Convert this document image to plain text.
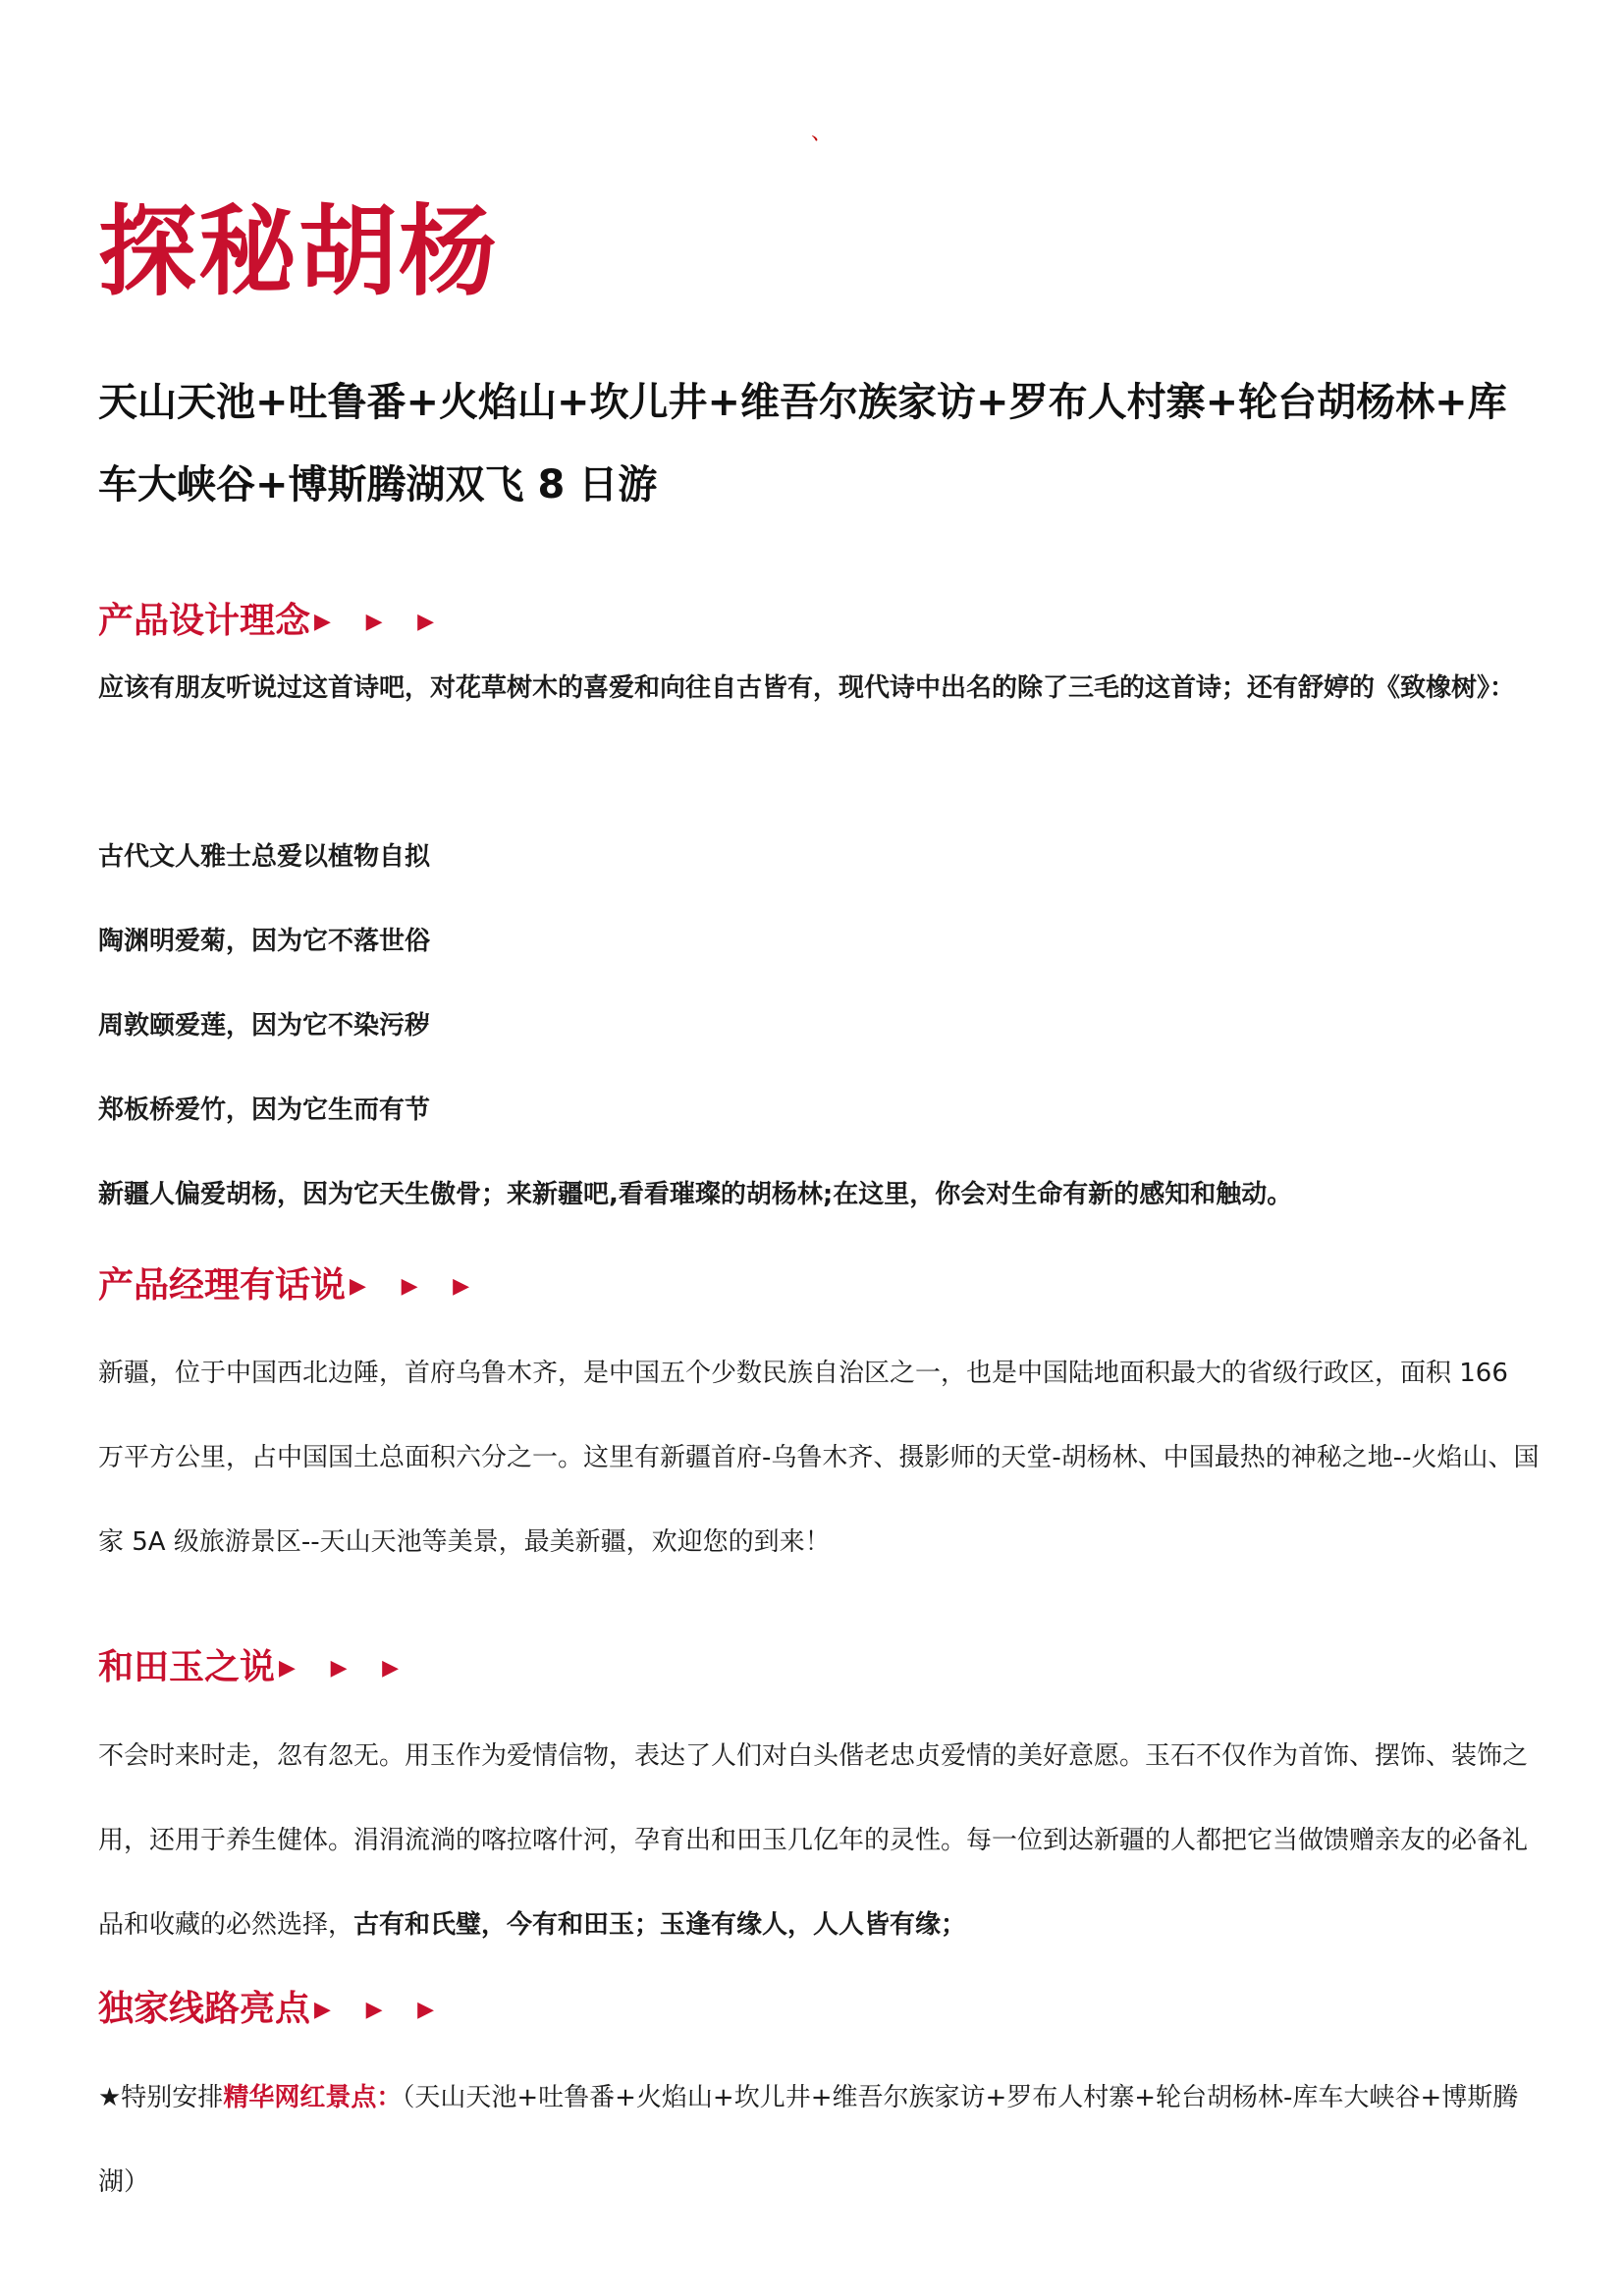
、
探秘胡杨

天山天池+吐鲁番+火焰山+坎儿井+维吾尔族家访+罗布人村寨+轮台胡杨林+库车大峡谷+博斯腾湖双飞 8 日游

产品设计理念 ▶ ▶ ▶

应该有朋友听说过这首诗吧，对花草树木的喜爱和向往自古皆有，现代诗中出名的除了三毛的这首诗；还有舒婷的《致橡树》：

古代文人雅士总爱以植物自拟
陶渊明爱菊，因为它不落世俗
周敦颐爱莲，因为它不染污秽
郑板桥爱竹，因为它生而有节
新疆人偏爱胡杨，因为它天生傲骨；来新疆吧,看看璀璨的胡杨林;在这里，你会对生命有新的感知和触动。
产品经理有话说 ▶ ▶ ▶

新疆，位于中国西北边陲，首府乌鲁木齐，是中国五个少数民族自治区之一，也是中国陆地面积最大的省级行政区，面积 166 万平方公里，占中国国土总面积六分之一。这里有新疆首府-乌鲁木齐、摄影师的天堂-胡杨林、中国最热的神秘之地--火焰山、国家 5A 级旅游景区--天山天池等美景，最美新疆，欢迎您的到来！

和田玉之说 ▶ ▶ ▶

不会时来时走，忽有忽无。用玉作为爱情信物，表达了人们对白头偕老忠贞爱情的美好意愿。玉石不仅作为首饰、摆饰、装饰之用，还用于养生健体。涓涓流淌的喀拉喀什河，孕育出和田玉几亿年的灵性。每一位到达新疆的人都把它当做馈赠亲友的必备礼品和收藏的必然选择，古有和氏璧，今有和田玉；玉逢有缘人，人人皆有缘；

独家线路亮点 ▶ ▶ ▶

★特别安排精华网红景点：（天山天池+吐鲁番+火焰山+坎儿井+维吾尔族家访+罗布人村寨+轮台胡杨林-库车大峡谷+博斯腾湖）
